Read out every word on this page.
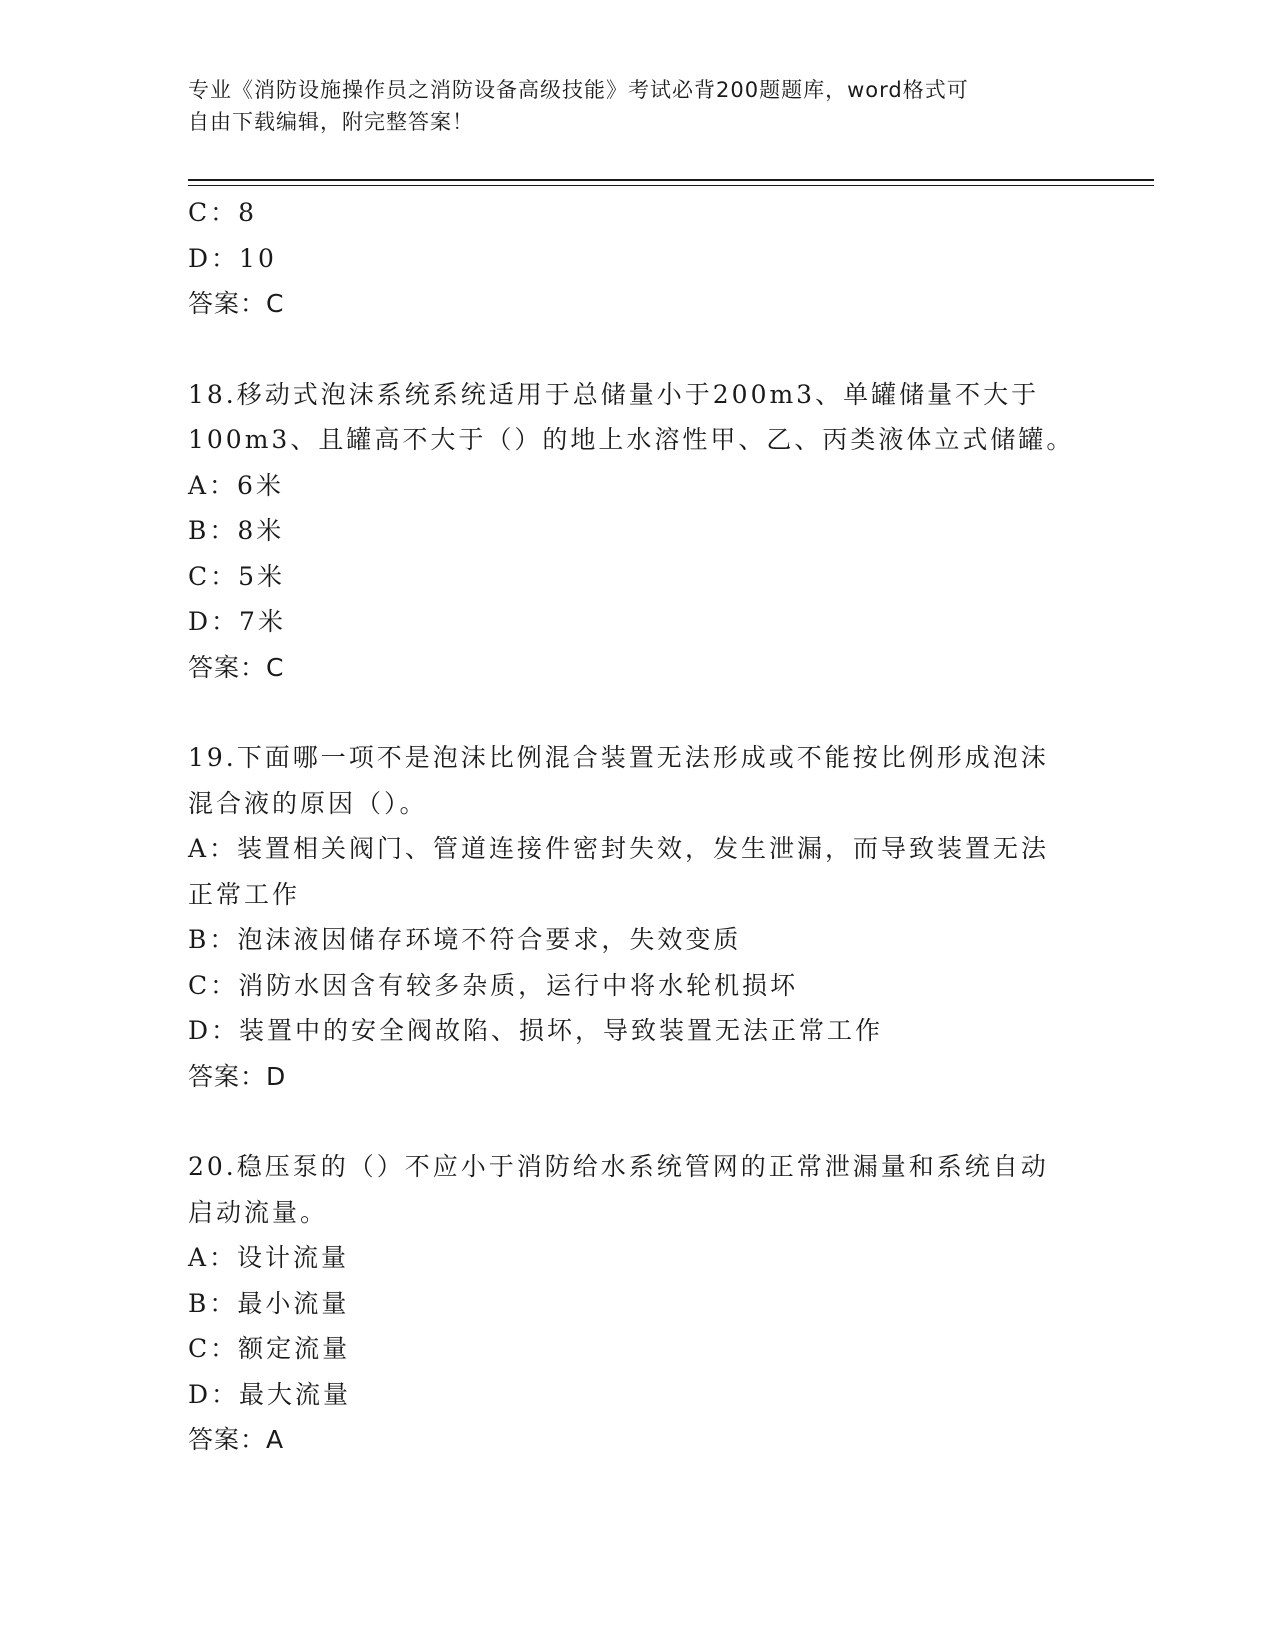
专业《消防设施操作员之消防设备高级技能》考试必背200题题库，word格式可

自由下载编辑，附完整答案！

C：8

D：10

答案：C

18.移动式泡沫系统系统适用于总储量小于200m3、单罐储量不大于

100m3、且罐高不大于（）的地上水溶性甲、乙、丙类液体立式储罐。

A：6米

B：8米

C：5米

D：7米

答案：C

19.下面哪一项不是泡沫比例混合装置无法形成或不能按比例形成泡沫

混合液的原因（）。

A：装置相关阀门、管道连接件密封失效，发生泄漏，而导致装置无法

正常工作

B：泡沫液因储存环境不符合要求，失效变质

C：消防水因含有较多杂质，运行中将水轮机损坏

D：装置中的安全阀故陷、损坏，导致装置无法正常工作

答案：D

20.稳压泵的（）不应小于消防给水系统管网的正常泄漏量和系统自动

启动流量。

A：设计流量

B：最小流量

C：额定流量

D：最大流量

答案：A
